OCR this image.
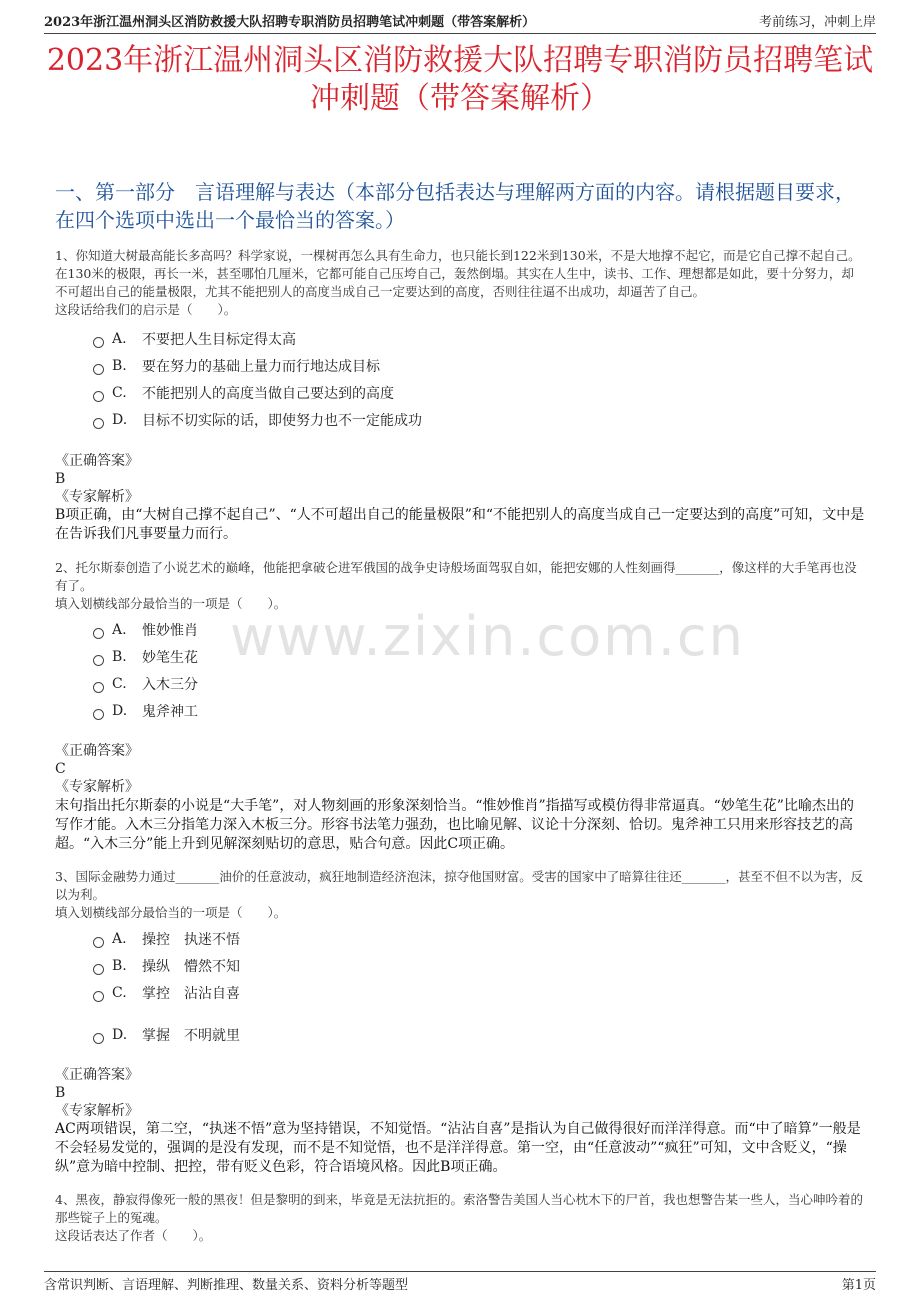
2023年浙江温州洞头区消防救援大队招聘专职消防员招聘笔试冲刺题（带答案解析）	考前练习，冲刺上岸
2023年浙江温州洞头区消防救援大队招聘专职消防员招聘笔试冲刺题（带答案解析）
一、第一部分　言语理解与表达（本部分包括表达与理解两方面的内容。请根据题目要求，在四个选项中选出一个最恰当的答案。）
www.zixin.com.cn

1、你知道大树最高能长多高吗？科学家说，一棵树再怎么具有生命力，也只能长到122米到130米，不是大地撑不起它，而是它自己撑不起自己。在130米的极限，再长一米，甚至哪怕几厘米，它都可能自己压垮自己，轰然倒塌。其实在人生中，读书、工作、理想都是如此，要十分努力，却不可超出自己的能量极限，尤其不能把别人的高度当成自己一定要达到的高度，否则往往逼不出成功，却逼苦了自己。

这段话给我们的启示是（　　）。

A.	不要把人生目标定得太高
B.	要在努力的基础上量力而行地达成目标
C.	不能把别人的高度当做自己要达到的高度
D.	目标不切实际的话，即使努力也不一定能成功
《正确答案》
B
《专家解析》
B项正确，由“大树自己撑不起自己”、“人不可超出自己的能量极限”和“不能把别人的高度当成自己一定要达到的高度”可知，文中是在告诉我们凡事要量力而行。

2、托尔斯泰创造了小说艺术的巅峰，他能把拿破仑进军俄国的战争史诗般场面驾驭自如，能把安娜的人性刻画得_______，像这样的大手笔再也没有了。

填入划横线部分最恰当的一项是（　　）。

A.	惟妙惟肖
B.	妙笔生花
C.	入木三分
D.	鬼斧神工
《正确答案》
C
《专家解析》
末句指出托尔斯泰的小说是“大手笔”，对人物刻画的形象深刻恰当。“惟妙惟肖”指描写或模仿得非常逼真。“妙笔生花”比喻杰出的写作才能。入木三分指笔力深入木板三分。形容书法笔力强劲，也比喻见解、议论十分深刻、恰切。鬼斧神工只用来形容技艺的高超。“入木三分”能上升到见解深刻贴切的意思，贴合句意。因此C项正确。

3、国际金融势力通过_______油价的任意波动，疯狂地制造经济泡沫，掠夺他国财富。受害的国家中了暗算往往还_______，甚至不但不以为害，反以为利。

填入划横线部分最恰当的一项是（　　）。

A.	操控　执迷不悟
B.	操纵　懵然不知
C.	掌控　沾沾自喜
D.	掌握　不明就里
《正确答案》
B
《专家解析》
AC两项错误，第二空，“执迷不悟”意为坚持错误，不知觉悟。“沾沾自喜”是指认为自己做得很好而洋洋得意。而“中了暗算”一般是不会轻易发觉的，强调的是没有发现，而不是不知觉悟，也不是洋洋得意。第一空，由“任意波动”“疯狂”可知，文中含贬义，“操纵”意为暗中控制、把控，带有贬义色彩，符合语境风格。因此B项正确。

4、黑夜，静寂得像死一般的黑夜！但是黎明的到来，毕竟是无法抗拒的。索洛警告美国人当心枕木下的尸首，我也想警告某一些人，当心呻吟着的那些锭子上的冤魂。

这段话表达了作者（　　）。

含常识判断、言语理解、判断推理、数量关系、资料分析等题型	第1页
